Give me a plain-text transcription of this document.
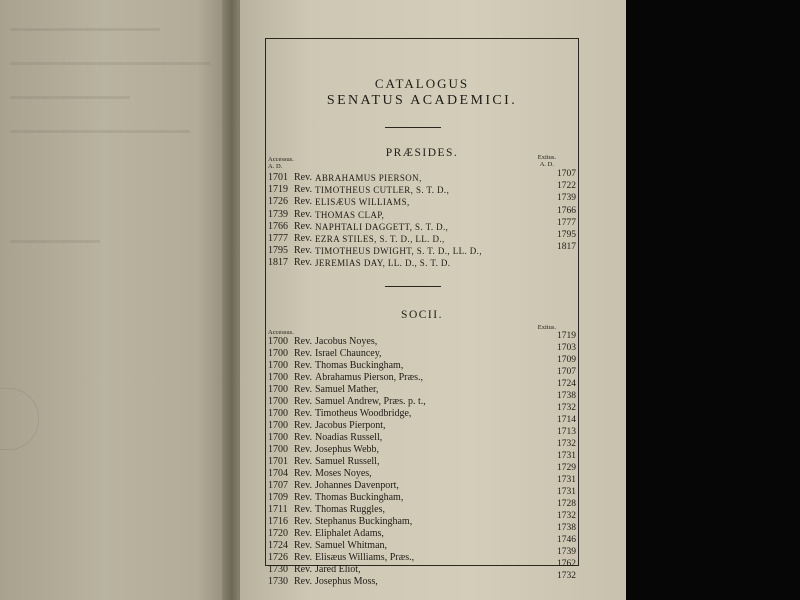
CATALOGUS

SENATUS ACADEMICI.

PRÆSIDES.

Accessus.
A. D.

Exitus.
A. D.

1701 Rev. ABRAHAMUS PIERSON,	1707
1719 Rev. TIMOTHEUS CUTLER, S. T. D.,	1722
1726 Rev. ELISÆUS WILLIAMS,	1739
1739 Rev. THOMAS CLAP,	1766
1766 Rev. NAPHTALI DAGGETT, S. T. D.,	1777
1777 Rev. EZRA STILES, S. T. D., LL. D.,	1795
1795 Rev. TIMOTHEUS DWIGHT, S. T. D., LL. D.,	1817
1817 Rev. JEREMIAS DAY, LL. D., S. T. D.

SOCII.

Accessus.

Exitus.

1700 Rev. Jacobus Noyes,	1719
1700 Rev. Israel Chauncey,	1703
1700 Rev. Thomas Buckingham,	1709
1700 Rev. Abrahamus Pierson, Præs.,	1707
1700 Rev. Samuel Mather,	1724
1700 Rev. Samuel Andrew, Præs. p. t.,	1738
1700 Rev. Timotheus Woodbridge,	1732
1700 Rev. Jacobus Pierpont,	1714
1700 Rev. Noadias Russell,	1713
1700 Rev. Josephus Webb,	1732
1701 Rev. Samuel Russell,	1731
1704 Rev. Moses Noyes,	1729
1707 Rev. Johannes Davenport,	1731
1709 Rev. Thomas Buckingham,	1731
1711 Rev. Thomas Ruggles,	1728
1716 Rev. Stephanus Buckingham,	1732
1720 Rev. Eliphalet Adams,	1738
1724 Rev. Samuel Whitman,	1746
1726 Rev. Elisæus Williams, Præs.,	1739
1730 Rev. Jared Eliot,	1762
1730 Rev. Josephus Moss,	1732
